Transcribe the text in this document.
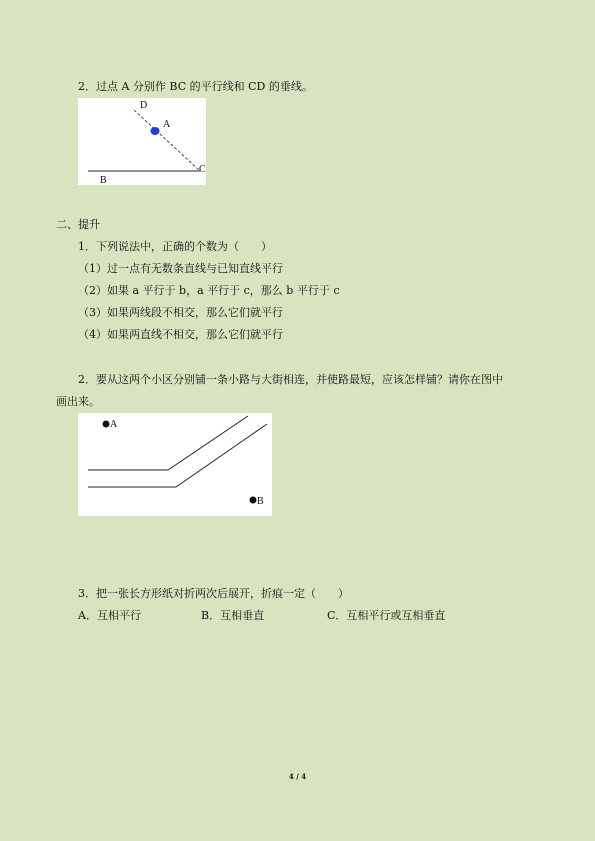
2．过点 A 分别作 BC 的平行线和 CD 的垂线。
D
A
C
B
二、提升
1．下列说法中，正确的个数为（　　）
（1）过一点有无数条直线与已知直线平行
（2）如果 a 平行于 b，a 平行于 c，那么 b 平行于 c
（3）如果两线段不相交，那么它们就平行
（4）如果两直线不相交，那么它们就平行
2．要从这两个小区分别铺一条小路与大街相连，并使路最短，应该怎样铺？请你在图中
画出来。
A
B
3．把一张长方形纸对折两次后展开，折痕一定（　　）
A．互相平行	B．互相垂直	C．互相平行或互相垂直
4 / 4
